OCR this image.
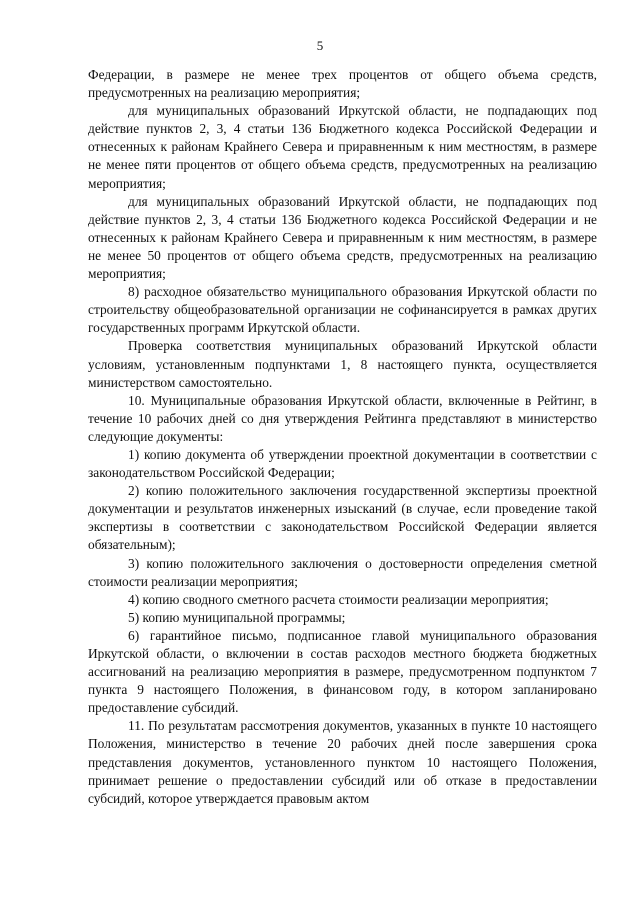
5

Федерации, в размере не менее трех процентов от общего объема средств, предусмотренных на реализацию мероприятия;

для муниципальных образований Иркутской области, не подпадающих под действие пунктов 2, 3, 4 статьи 136 Бюджетного кодекса Российской Федерации и отнесенных к районам Крайнего Севера и приравненным к ним местностям, в размере не менее пяти процентов от общего объема средств, предусмотренных на реализацию мероприятия;

для муниципальных образований Иркутской области, не подпадающих под действие пунктов 2, 3, 4 статьи 136 Бюджетного кодекса Российской Федерации и не отнесенных к районам Крайнего Севера и приравненным к ним местностям, в размере не менее 50 процентов от общего объема средств, предусмотренных на реализацию мероприятия;

8) расходное обязательство муниципального образования Иркутской области по строительству общеобразовательной организации не софинансируется в рамках других государственных программ Иркутской области.

Проверка соответствия муниципальных образований Иркутской области условиям, установленным подпунктами 1, 8 настоящего пункта, осуществляется министерством самостоятельно.

10. Муниципальные образования Иркутской области, включенные в Рейтинг, в течение 10 рабочих дней со дня утверждения Рейтинга представляют в министерство следующие документы:

1) копию документа об утверждении проектной документации в соответствии с законодательством Российской Федерации;

2) копию положительного заключения государственной экспертизы проектной документации и результатов инженерных изысканий (в случае, если проведение такой экспертизы в соответствии с законодательством Российской Федерации является обязательным);

3) копию положительного заключения о достоверности определения сметной стоимости реализации мероприятия;

4) копию сводного сметного расчета стоимости реализации мероприятия;

5) копию муниципальной программы;

6) гарантийное письмо, подписанное главой муниципального образования Иркутской области, о включении в состав расходов местного бюджета бюджетных ассигнований на реализацию мероприятия в размере, предусмотренном подпунктом 7 пункта 9 настоящего Положения, в финансовом году, в котором запланировано предоставление субсидий.

11. По результатам рассмотрения документов, указанных в пункте 10 настоящего Положения, министерство в течение 20 рабочих дней после завершения срока представления документов, установленного пунктом 10 настоящего Положения, принимает решение о предоставлении субсидий или об отказе в предоставлении субсидий, которое утверждается правовым актом
